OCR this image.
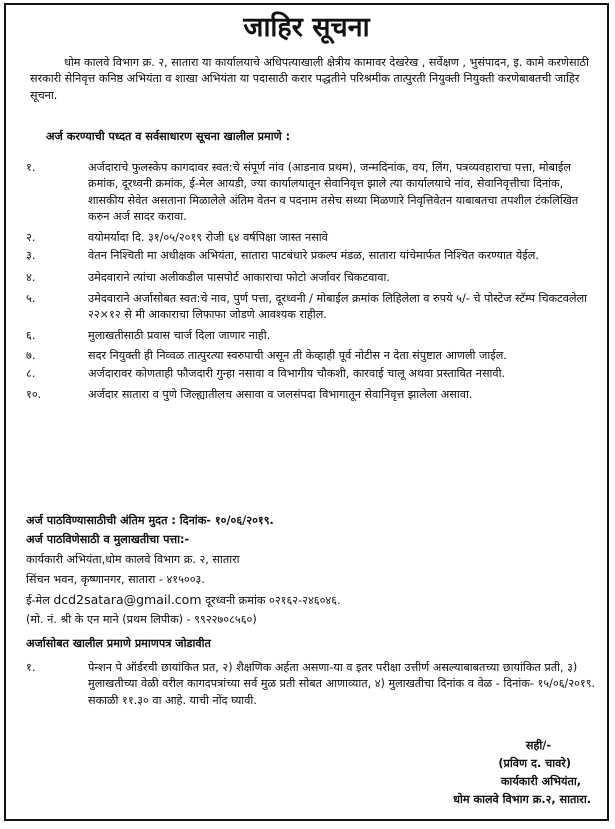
जाहिर सूचना
धोम कालवे विभाग क्र. २, सातारा या कार्यालयाचे अधिपत्याखाली क्षेत्रीय कामावर देखरेख , सर्वेक्षण , भुसंपादन, इ. कामे करणेसाठी सरकारी सेनिवृत्त कनिष्ठ अभियंता व शाखा अभियंता या पदासाठी करार पद्धतीने परिश्रमीक तात्पुरती नियुक्ती नियुक्ती करणेबाबतची जाहिर सूचना.
अर्ज करण्याची पध्दत व सर्वसाधारण सूचना खालील प्रमाणे :
१.	अर्जदाराचे फुलस्केप कागदावर स्वत:चे संपूर्ण नांव (आडनाव प्रथम), जन्मदिनांक, वय, लिंग, पत्रव्यवहाराचा पत्ता, मोबाईल क्रमांक, दूरध्वनी क्रमांक, ई-मेल आयडी, ज्या कार्यालयातून सेवानिवृत्त झाले त्या कार्यालयाचे नांव, सेवानिवृत्तीचा दिनांक, शासकीय सेवेत असताना मिळालेले अंतिम वेतन व पदनाम तसेच सध्या मिळणारे निवृत्तिवेतन याबाबतचा तपशील टंकलिखित करुन अर्ज सादर करावा.
२.	वयोमर्यादा दि. ३१/०५/२०१९ रोजी ६४ वर्षपिक्षा जास्त नसावे
३.	वेतन निश्चिती मा अधीक्षक अभियंता, सातारा पाटबंधारे प्रकल्प मंडळ, सातारा यांचेमार्फत निश्चित करण्यात येईल.
४.	उमेदवाराने त्यांचा अलीकडील पासपोर्ट आकाराचा फोटो अर्जावर चिकटवावा.
५.	उमेदवाराने अर्जासोबत स्वत:चे नाव, पुर्ण पत्ता, दूरध्वनी / मोबाईल क्रमांक लिहिलेला व रुपये ५/- चे पोस्टेज स्टॅम्प चिकटवलेला २२×१२ से मी आकाराचा लिफाफा जोडणे आवश्यक राहील.
६.	मुलाखतीसाठी प्रवास चार्ज दिला जाणार नाही.
७.	सदर नियुक्ती ही निव्वळ तात्पुरत्या स्वरुपाची असून ती केव्हाही पूर्व नोटीस न देता संपुष्टात आणली जाईल.
८.	अर्जदारावर कोणताही फौजदारी गुन्हा नसावा व विभागीय चौकशी, कारवाई चालू अथवा प्रस्तावित नसावी.
१०.	अर्जदार सातारा व पुणे जिल्ह्यातीलच असावा व जलसंपदा विभागातून सेवानिवृत्त झालेला असावा.
अर्ज पाठविण्यासाठीची अंतिम मुदत : दिनांक- १०/०६/२०१९.
अर्ज पाठविणेसाठी व मुलाखतीचा पत्ता:-
कार्यकारी अभियंता,धोम कालवे विभाग क्र. २, सातारा
सिंचन भवन, कृष्णानगर, सातारा - ४१५००३.
ई-मेल dcd2satara@gmail.com दूरध्वनी क्रमांक ०२१६२-२४६०४६.
(मो. नं. श्री के एन माने (प्रथम लिपीक) - ९९२२७०८५६०)
अर्जासोबत खालील प्रमाणे प्रमाणपत्र जोडावीत
१.	पेन्शन पे ऑर्डरची छायांकित प्रत, २) शैक्षणिक अर्हता असणा-या व इतर परीक्षा उत्तीर्ण असल्याबाबतच्या छायांकित प्रती, ३) मुलाखतीच्या वेळी वरील कागदपत्रांच्या सर्व मुळ प्रती सोबत आणाव्यात, ४) मुलाखतीचा दिनांक व वेळ - दिनांक- १५/०६/२०१९. सकाळी ११.३० वा आहे. याची नोंद घ्यावी.
सही/-
(प्रविण द. चावरे)
कार्यकारी अभियंता,
धोम कालवे विभाग क्र.२, सातारा.
